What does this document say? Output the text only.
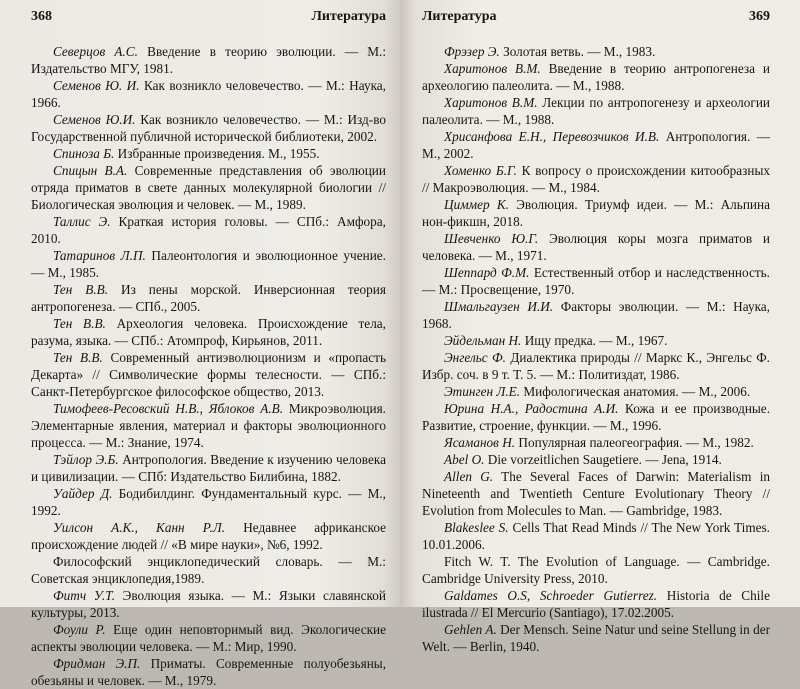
368	Литература

Северцов А.С. Введение в теорию эволюции. — М.: Издательство МГУ, 1981.

Семенов Ю. И. Как возникло человечество. — М.: Наука, 1966.

Семенов Ю.И. Как возникло человечество. — М.: Изд-во Государственной публичной исторической библиотеки, 2002.

Спиноза Б. Избранные произведения. М., 1955.

Спицын В.А. Современные представления об эволюции отряда приматов в свете данных молекулярной биологии // Биологическая эволюция и человек. — М., 1989.

Таллис Э. Краткая история головы. — СПб.: Амфора, 2010.

Татаринов Л.П. Палеонтология и эволюционное учение. — М., 1985.

Тен В.В. Из пены морской. Инверсионная теория антропогенеза. — СПб., 2005.

Тен В.В. Археология человека. Происхождение тела, разума, языка. — СПб.: Атомпроф, Кирьянов, 2011.

Тен В.В. Современный антиэволюционизм и «пропасть Декарта» // Символические формы телесности. — СПб.: Санкт-Петербургское философское общество, 2013.

Тимофеев-Ресовский Н.В., Яблоков А.В. Микроэволюция. Элементарные явления, материал и факторы эволюционного процесса. — М.: Знание, 1974.

Тэйлор Э.Б. Антропология. Введение к изучению человека и цивилизации. — СПб: Издательство Билибина, 1882.

Уайдер Д. Бодибилдинг. Фундаментальный курс. — М., 1992.

Уилсон А.К., Канн Р.Л. Недавнее африканское происхождение людей // «В мире науки», №6, 1992.

Философский энциклопедический словарь. — М.: Советская энциклопедия,1989.

Фитч У.Т. Эволюция языка. — М.: Языки славянской культуры, 2013.

Фоули Р. Еще один неповторимый вид. Экологические аспекты эволюции человека. — М.: Мир, 1990.

Фридман Э.П. Приматы. Современные полуобезьяны, обезьяны и человек. — М., 1979.

Литература	369

Фрэзер Э. Золотая ветвь. — М., 1983.

Харитонов В.М. Введение в теорию антропогенеза и археологию палеолита. — М., 1988.

Харитонов В.М. Лекции по антропогенезу и археологии палеолита. — М., 1988.

Хрисанфова Е.Н., Перевозчиков И.В. Антропология. — М., 2002.

Хоменко Б.Г. К вопросу о происхождении китообразных // Макроэволюция. — М., 1984.

Циммер К. Эволюция. Триумф идеи. — М.: Альпина нон-фикшн, 2018.

Шевченко Ю.Г. Эволюция коры мозга приматов и человека. — М., 1971.

Шеппард Ф.М. Естественный отбор и наследственность. — М.: Просвещение, 1970.

Шмальгаузен И.И. Факторы эволюции. — М.: Наука, 1968.

Эйдельман Н. Ищу предка. — М., 1967.

Энгельс Ф. Диалектика природы // Маркс К., Энгельс Ф. Избр. соч. в 9 т. Т. 5. — М.: Политиздат, 1986.

Этинген Л.Е. Мифологическая анатомия. — М., 2006.

Юрина Н.А., Радостина А.И. Кожа и ее производные. Развитие, строение, функции. — М., 1996.

Ясаманов Н. Популярная палеогеография. — М., 1982.

Abel O. Die vorzeitlichen Saugetiere. — Jena, 1914.

Allen G. The Several Faces of Darwin: Materialism in Nineteenth and Twentieth Centure Evolutionary Theory // Evolution from Molecules to Man. — Gambridge, 1983.

Blakeslee S. Cells That Read Minds // The New York Times. 10.01.2006.

Fitch W. T. The Evolution of Language. — Cambridge. Cambridge University Press, 2010.

Galdames O.S, Schroeder Gutierrez. Historia de Chile ilustrada // El Mercurio (Santiago), 17.02.2005.

Gehlen A. Der Mensch. Seine Natur und seine Stellung in der Welt. — Berlin, 1940.
